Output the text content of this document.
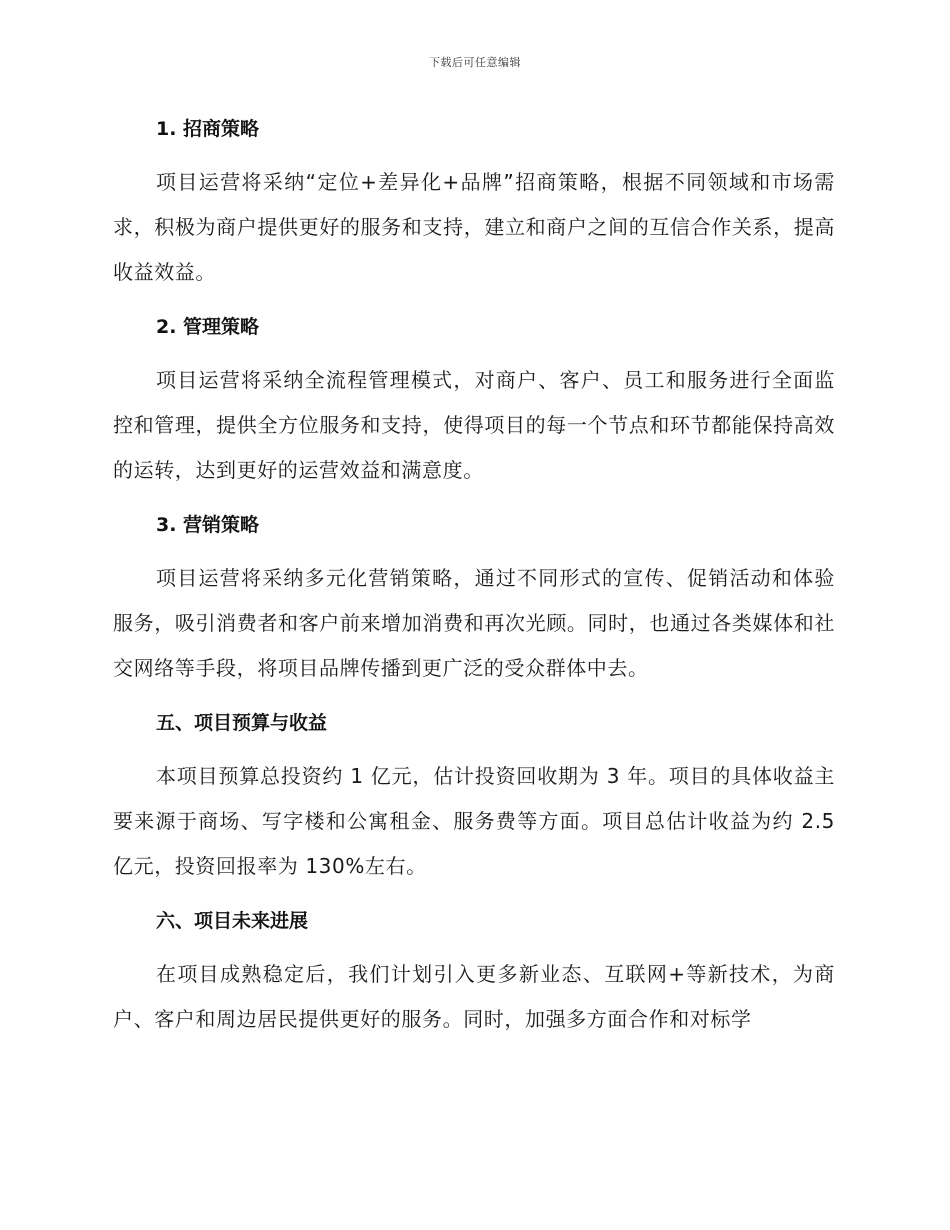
下载后可任意编辑
1. 招商策略

项目运营将采纳“定位+差异化+品牌”招商策略，根据不同领域和市场需求，积极为商户提供更好的服务和支持，建立和商户之间的互信合作关系，提高收益效益。

2. 管理策略

项目运营将采纳全流程管理模式，对商户、客户、员工和服务进行全面监控和管理，提供全方位服务和支持，使得项目的每一个节点和环节都能保持高效的运转，达到更好的运营效益和满意度。

3. 营销策略

项目运营将采纳多元化营销策略，通过不同形式的宣传、促销活动和体验服务，吸引消费者和客户前来增加消费和再次光顾。同时，也通过各类媒体和社交网络等手段，将项目品牌传播到更广泛的受众群体中去。

五、项目预算与收益

本项目预算总投资约 1 亿元，估计投资回收期为 3 年。项目的具体收益主要来源于商场、写字楼和公寓租金、服务费等方面。项目总估计收益为约 2.5 亿元，投资回报率为 130%左右。

六、项目未来进展

在项目成熟稳定后，我们计划引入更多新业态、互联网+等新技术，为商户、客户和周边居民提供更好的服务。同时，加强多方面合作和对标学
